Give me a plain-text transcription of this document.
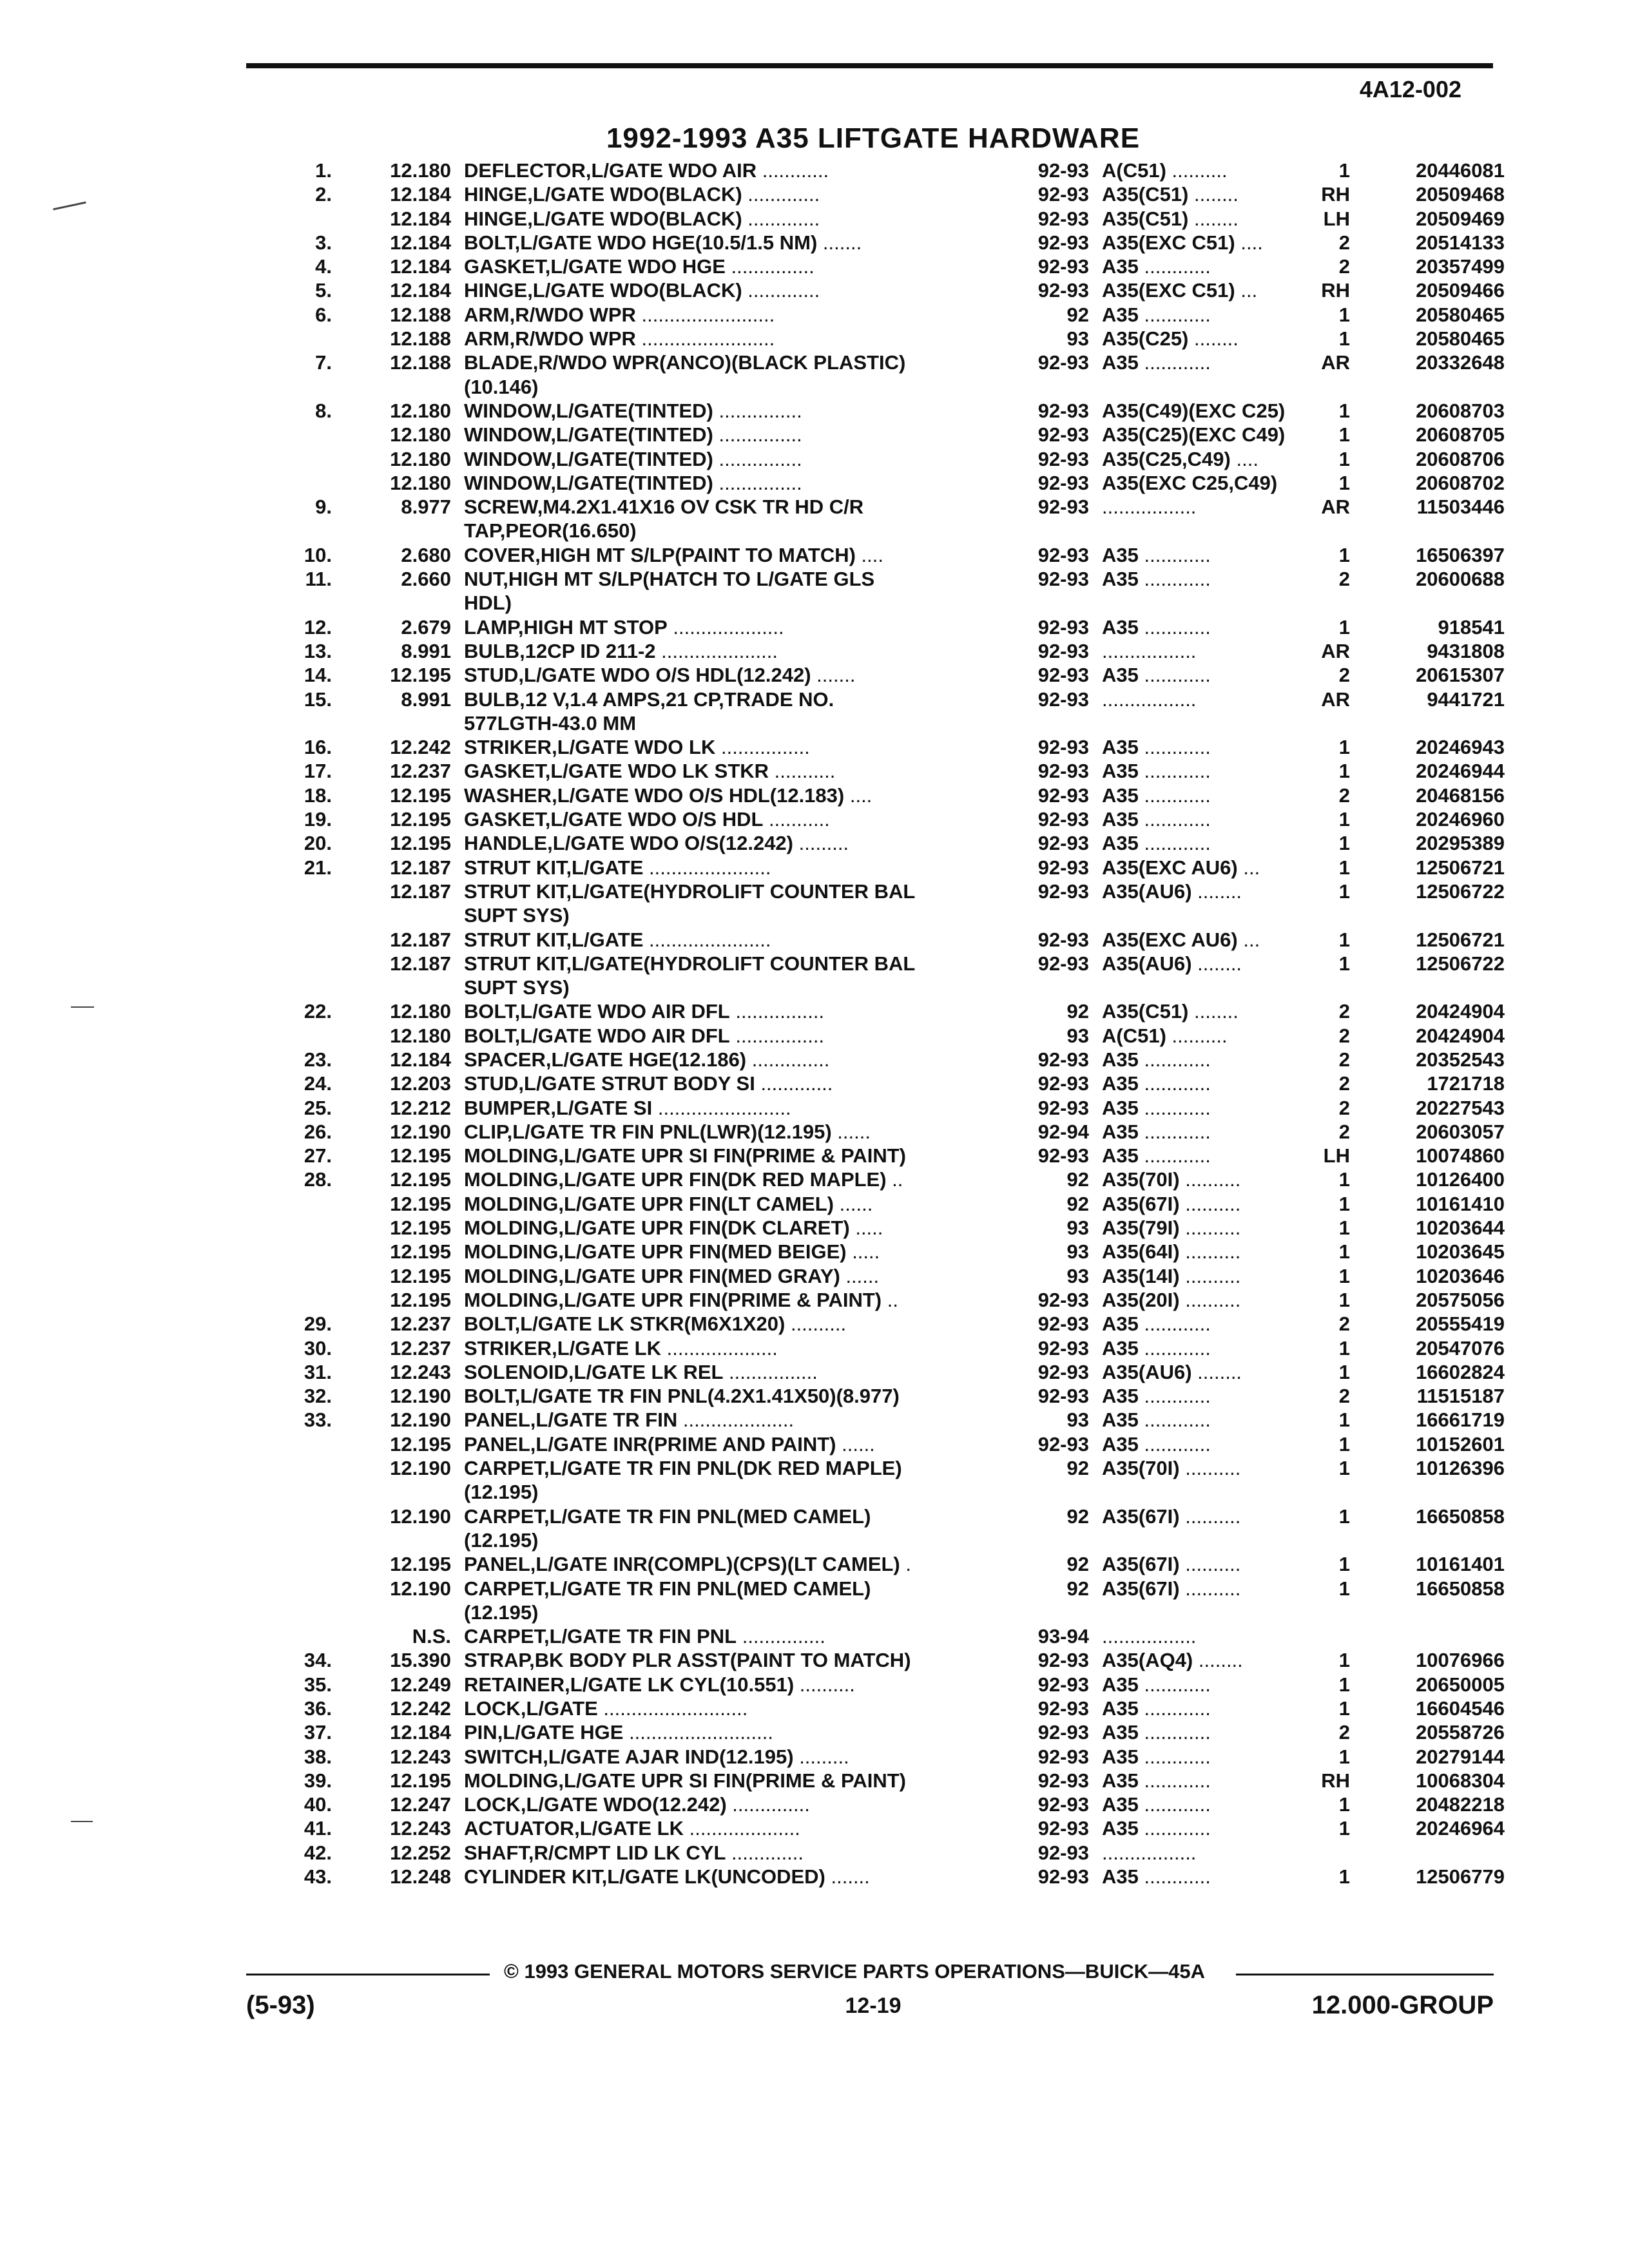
4A12-002
1992-1993 A35 LIFTGATE HARDWARE
1.	12.180	DEFLECTOR,L/GATE WDO AIR ............	92-93	A(C51) ..........	1	20446081
2.	12.184	HINGE,L/GATE WDO(BLACK) .............	92-93	A35(C51) ........	RH	20509468
	12.184	HINGE,L/GATE WDO(BLACK) .............	92-93	A35(C51) ........	LH	20509469
3.	12.184	BOLT,L/GATE WDO HGE(10.5/1.5 NM) .......	92-93	A35(EXC C51) ....	2	20514133
4.	12.184	GASKET,L/GATE WDO HGE ...............	92-93	A35 ............	2	20357499
5.	12.184	HINGE,L/GATE WDO(BLACK) .............	92-93	A35(EXC C51) ...	RH	20509466
6.	12.188	ARM,R/WDO WPR ........................	92	A35 ............	1	20580465
	12.188	ARM,R/WDO WPR ........................	93	A35(C25) ........	1	20580465
7.	12.188	BLADE,R/WDO WPR(ANCO)(BLACK PLASTIC)	92-93	A35 ............	AR	20332648
		(10.146)				
8.	12.180	WINDOW,L/GATE(TINTED) ...............	92-93	A35(C49)(EXC C25)	1	20608703
	12.180	WINDOW,L/GATE(TINTED) ...............	92-93	A35(C25)(EXC C49)	1	20608705
	12.180	WINDOW,L/GATE(TINTED) ...............	92-93	A35(C25,C49) ....	1	20608706
	12.180	WINDOW,L/GATE(TINTED) ...............	92-93	A35(EXC C25,C49)	1	20608702
9.	8.977	SCREW,M4.2X1.41X16 OV CSK TR HD C/R	92-93	.................	AR	11503446
		TAP,PEOR(16.650)				
10.	2.680	COVER,HIGH MT S/LP(PAINT TO MATCH) ....	92-93	A35 ............	1	16506397
11.	2.660	NUT,HIGH MT S/LP(HATCH TO L/GATE GLS	92-93	A35 ............	2	20600688
		HDL)				
12.	2.679	LAMP,HIGH MT STOP ....................	92-93	A35 ............	1	918541
13.	8.991	BULB,12CP ID 211-2 .....................	92-93	.................	AR	9431808
14.	12.195	STUD,L/GATE WDO O/S HDL(12.242) .......	92-93	A35 ............	2	20615307
15.	8.991	BULB,12 V,1.4 AMPS,21 CP,TRADE NO.	92-93	.................	AR	9441721
		577LGTH-43.0 MM				
16.	12.242	STRIKER,L/GATE WDO LK ................	92-93	A35 ............	1	20246943
17.	12.237	GASKET,L/GATE WDO LK STKR ...........	92-93	A35 ............	1	20246944
18.	12.195	WASHER,L/GATE WDO O/S HDL(12.183) ....	92-93	A35 ............	2	20468156
19.	12.195	GASKET,L/GATE WDO O/S HDL ...........	92-93	A35 ............	1	20246960
20.	12.195	HANDLE,L/GATE WDO O/S(12.242) .........	92-93	A35 ............	1	20295389
21.	12.187	STRUT KIT,L/GATE ......................	92-93	A35(EXC AU6) ...	1	12506721
	12.187	STRUT KIT,L/GATE(HYDROLIFT COUNTER BAL	92-93	A35(AU6) ........	1	12506722
		SUPT SYS)				
	12.187	STRUT KIT,L/GATE ......................	92-93	A35(EXC AU6) ...	1	12506721
	12.187	STRUT KIT,L/GATE(HYDROLIFT COUNTER BAL	92-93	A35(AU6) ........	1	12506722
		SUPT SYS)				
22.	12.180	BOLT,L/GATE WDO AIR DFL ................	92	A35(C51) ........	2	20424904
	12.180	BOLT,L/GATE WDO AIR DFL ................	93	A(C51) ..........	2	20424904
23.	12.184	SPACER,L/GATE HGE(12.186) ..............	92-93	A35 ............	2	20352543
24.	12.203	STUD,L/GATE STRUT BODY SI .............	92-93	A35 ............	2	1721718
25.	12.212	BUMPER,L/GATE SI ........................	92-93	A35 ............	2	20227543
26.	12.190	CLIP,L/GATE TR FIN PNL(LWR)(12.195) ......	92-94	A35 ............	2	20603057
27.	12.195	MOLDING,L/GATE UPR SI FIN(PRIME & PAINT)	92-93	A35 ............	LH	10074860
28.	12.195	MOLDING,L/GATE UPR FIN(DK RED MAPLE) ..	92	A35(70I) ..........	1	10126400
	12.195	MOLDING,L/GATE UPR FIN(LT CAMEL) ......	92	A35(67I) ..........	1	10161410
	12.195	MOLDING,L/GATE UPR FIN(DK CLARET) .....	93	A35(79I) ..........	1	10203644
	12.195	MOLDING,L/GATE UPR FIN(MED BEIGE) .....	93	A35(64I) ..........	1	10203645
	12.195	MOLDING,L/GATE UPR FIN(MED GRAY) ......	93	A35(14I) ..........	1	10203646
	12.195	MOLDING,L/GATE UPR FIN(PRIME & PAINT) ..	92-93	A35(20I) ..........	1	20575056
29.	12.237	BOLT,L/GATE LK STKR(M6X1X20) ..........	92-93	A35 ............	2	20555419
30.	12.237	STRIKER,L/GATE LK ....................	92-93	A35 ............	1	20547076
31.	12.243	SOLENOID,L/GATE LK REL ................	92-93	A35(AU6) ........	1	16602824
32.	12.190	BOLT,L/GATE TR FIN PNL(4.2X1.41X50)(8.977)	92-93	A35 ............	2	11515187
33.	12.190	PANEL,L/GATE TR FIN ....................	93	A35 ............	1	16661719
	12.195	PANEL,L/GATE INR(PRIME AND PAINT) ......	92-93	A35 ............	1	10152601
	12.190	CARPET,L/GATE TR FIN PNL(DK RED MAPLE)	92	A35(70I) ..........	1	10126396
		(12.195)				
	12.190	CARPET,L/GATE TR FIN PNL(MED CAMEL)	92	A35(67I) ..........	1	16650858
		(12.195)				
	12.195	PANEL,L/GATE INR(COMPL)(CPS)(LT CAMEL) .	92	A35(67I) ..........	1	10161401
	12.190	CARPET,L/GATE TR FIN PNL(MED CAMEL)	92	A35(67I) ..........	1	16650858
		(12.195)				
	N.S.	CARPET,L/GATE TR FIN PNL ...............	93-94	.................		
34.	15.390	STRAP,BK BODY PLR ASST(PAINT TO MATCH)	92-93	A35(AQ4) ........	1	10076966
35.	12.249	RETAINER,L/GATE LK CYL(10.551) ..........	92-93	A35 ............	1	20650005
36.	12.242	LOCK,L/GATE ..........................	92-93	A35 ............	1	16604546
37.	12.184	PIN,L/GATE HGE ..........................	92-93	A35 ............	2	20558726
38.	12.243	SWITCH,L/GATE AJAR IND(12.195) .........	92-93	A35 ............	1	20279144
39.	12.195	MOLDING,L/GATE UPR SI FIN(PRIME & PAINT)	92-93	A35 ............	RH	10068304
40.	12.247	LOCK,L/GATE WDO(12.242) ..............	92-93	A35 ............	1	20482218
41.	12.243	ACTUATOR,L/GATE LK ....................	92-93	A35 ............	1	20246964
42.	12.252	SHAFT,R/CMPT LID LK CYL .............	92-93	.................		
43.	12.248	CYLINDER KIT,L/GATE LK(UNCODED) .......	92-93	A35 ............	1	12506779
© 1993 GENERAL MOTORS SERVICE PARTS OPERATIONS—BUICK—45A
(5-93)	12-19	12.000-GROUP
